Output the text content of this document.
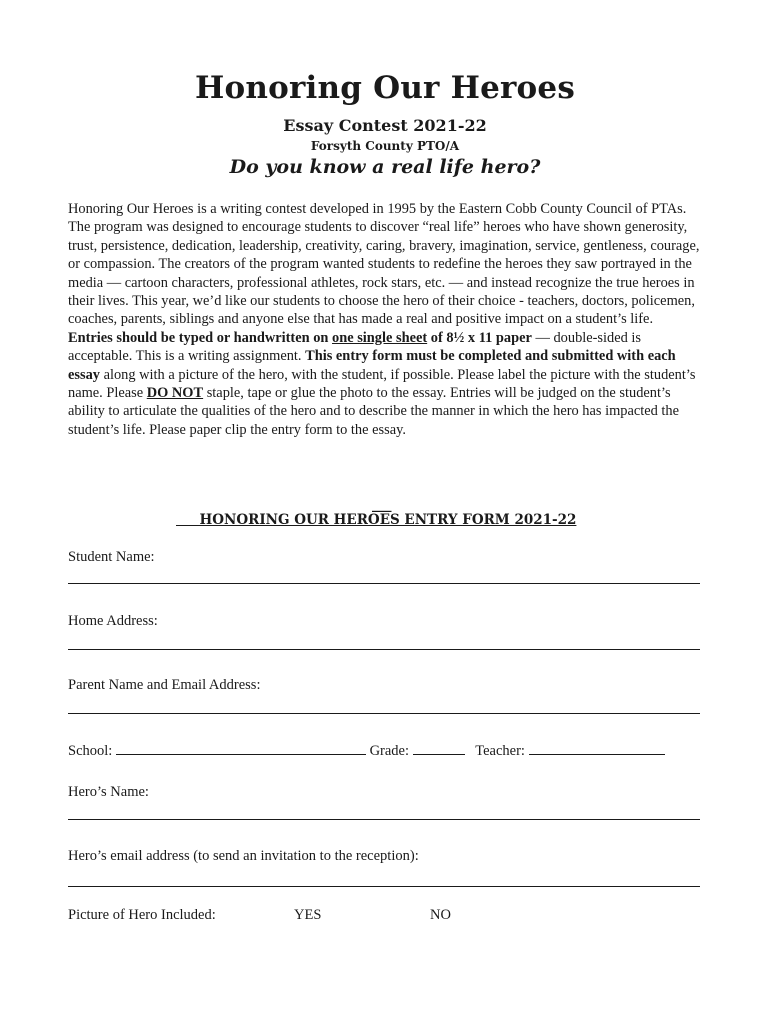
Honoring Our Heroes
Essay Contest 2021-22
Forsyth County PTO/A
Do you know a real life hero?

Honoring Our Heroes is a writing contest developed in 1995 by the Eastern Cobb County Council of PTAs. The program was designed to encourage students to discover “real life” heroes who have shown generosity, trust, persistence, dedication, leadership, creativity, caring, bravery, imagination, service, gentleness, courage, or compassion. The creators of the program wanted students to redefine the heroes they saw portrayed in the media — cartoon characters, professional athletes, rock stars, etc. — and instead recognize the true heroes in their lives. This year, we’d like our students to choose the hero of their choice - teachers, doctors, policemen, coaches, parents, siblings and anyone else that has made a real and positive impact on a student’s life.

Entries should be typed or handwritten on one single sheet of 8½ x 11 paper — double-sided is acceptable. This is a writing assignment. This entry form must be completed and submitted with each essay along with a picture of the hero, with the student, if possible. Please label the picture with the student’s name. Please DO NOT staple, tape or glue the photo to the essay. Entries will be judged on the student’s ability to articulate the qualities of the hero and to describe the manner in which the hero has impacted the student’s life. Please paper clip the entry form to the essay.

___
HONORING OUR HEROES ENTRY FORM 2021-22
Student Name:
Home Address:
Parent Name and Email Address:
School:	Grade:	Teacher:
Hero’s Name:
Hero’s email address (to send an invitation to the reception):
Picture of Hero Included:	YES	NO
